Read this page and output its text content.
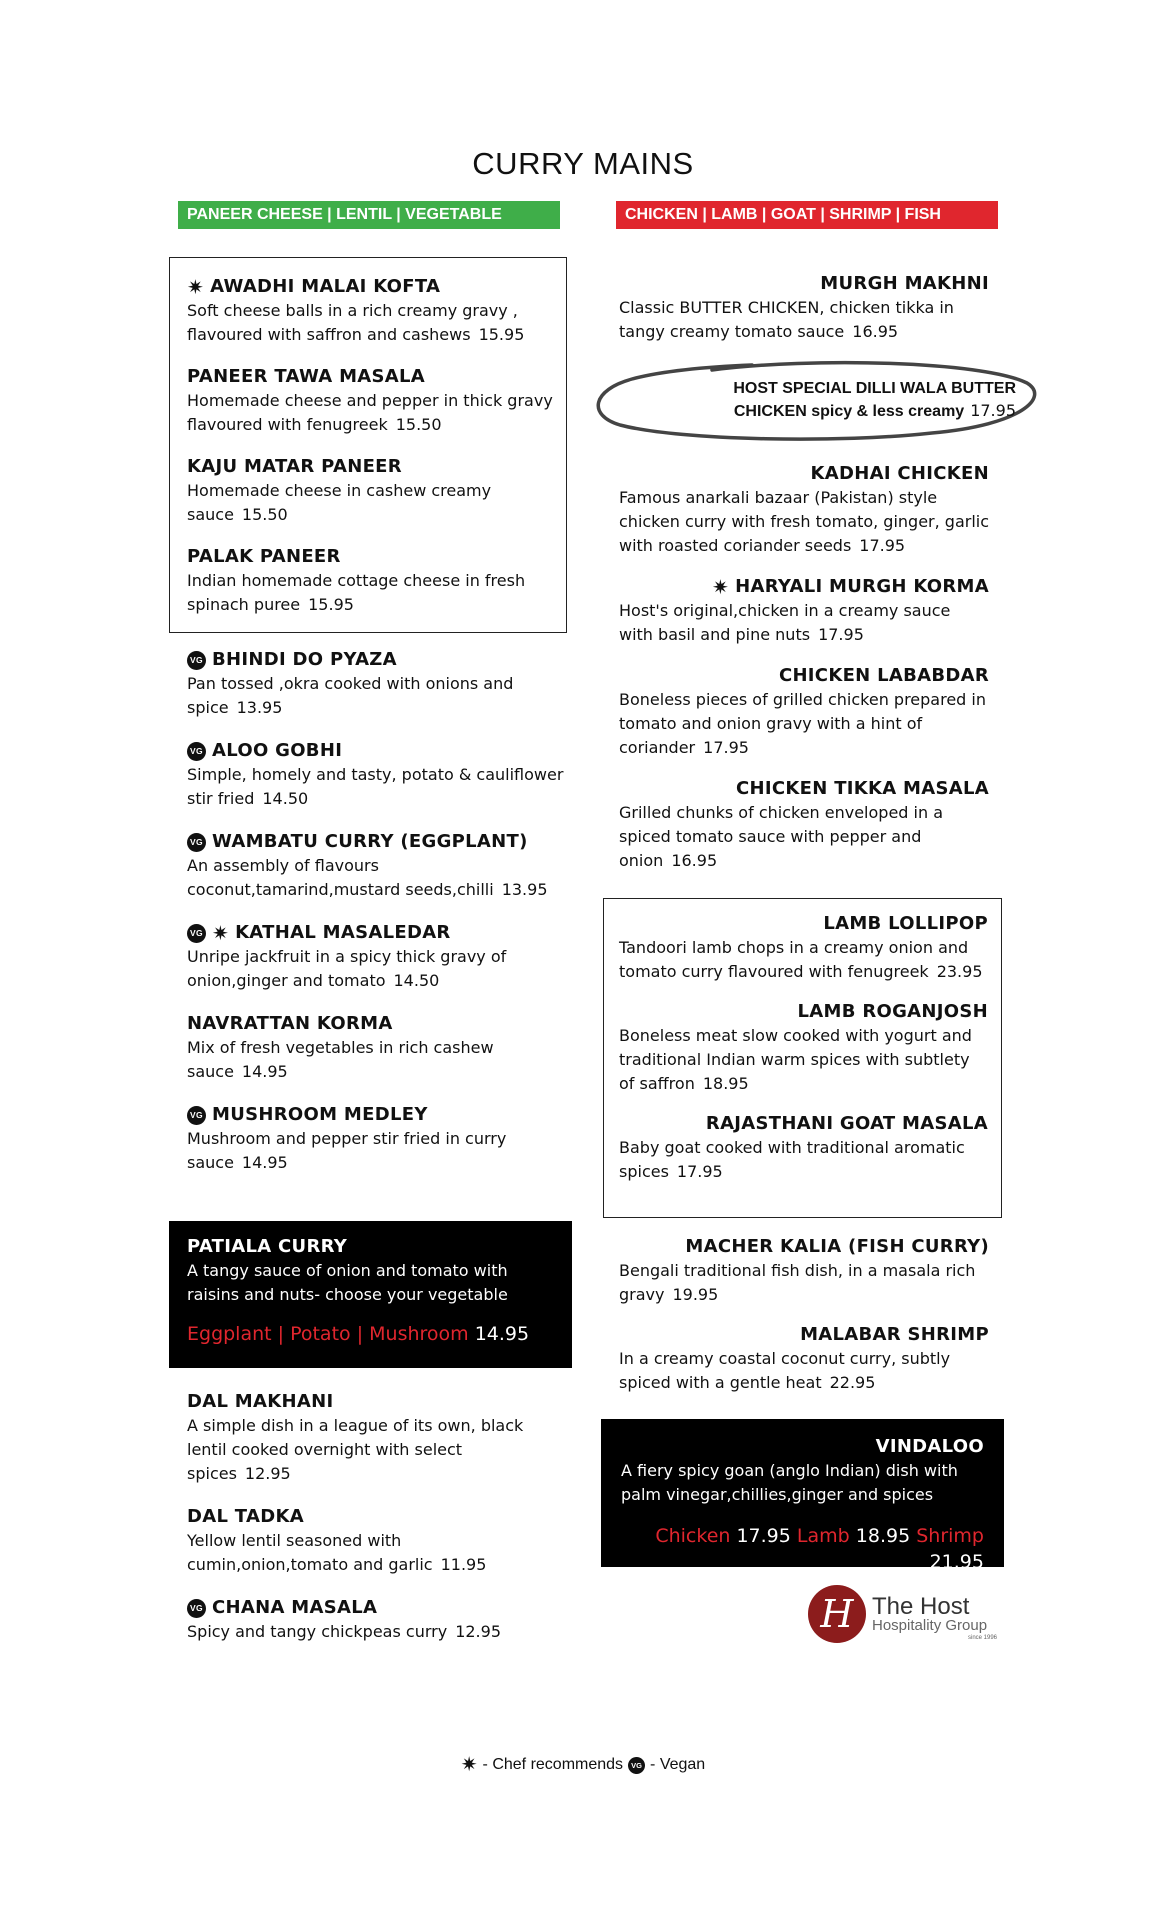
CURRY MAINS
PANEER CHEESE | LENTIL | VEGETABLE	CHICKEN | LAMB | GOAT | SHRIMP | FISH
✷ AWADHI MALAI KOFTA
Soft cheese balls in a rich creamy gravy , flavoured with saffron and cashews 15.95
PANEER TAWA MASALA
Homemade cheese and pepper in thick gravy flavoured with fenugreek 15.50
KAJU MATAR PANEER
Homemade cheese in cashew creamy sauce 15.50
PALAK PANEER
Indian homemade cottage cheese in fresh spinach puree 15.95
VG BHINDI DO PYAZA
Pan tossed ,okra cooked with onions and spice 13.95
VG ALOO GOBHI
Simple, homely and tasty, potato & cauliflower stir fried 14.50
VG WAMBATU CURRY (EGGPLANT)
An assembly of flavours coconut,tamarind,mustard seeds,chilli 13.95
VG ✷ KATHAL MASALEDAR
Unripe jackfruit in a spicy thick gravy of onion,ginger and tomato 14.50
NAVRATTAN KORMA
Mix of fresh vegetables in rich cashew sauce 14.95
VG MUSHROOM MEDLEY
Mushroom and pepper stir fried in curry sauce 14.95
PATIALA CURRY
A tangy sauce of onion and tomato with raisins and nuts- choose your vegetable
Eggplant | Potato | Mushroom 14.95
DAL MAKHANI
A simple dish in a league of its own, black lentil cooked overnight with select spices 12.95
DAL TADKA
Yellow lentil seasoned with cumin,onion,tomato and garlic 11.95
VG CHANA MASALA
Spicy and tangy chickpeas curry 12.95
MURGH MAKHNI
Classic BUTTER CHICKEN, chicken tikka in tangy creamy tomato sauce 16.95
HOST SPECIAL DILLI WALA BUTTER
CHICKEN spicy & less creamy 17.95
KADHAI CHICKEN
Famous anarkali bazaar (Pakistan) style chicken curry with fresh tomato, ginger, garlic with roasted coriander seeds 17.95
✷ HARYALI MURGH KORMA
Host's original,chicken in a creamy sauce with basil and pine nuts 17.95
CHICKEN LABABDAR
Boneless pieces of grilled chicken prepared in tomato and onion gravy with a hint of coriander 17.95
CHICKEN TIKKA MASALA
Grilled chunks of chicken enveloped in a spiced tomato sauce with pepper and onion 16.95
LAMB LOLLIPOP
Tandoori lamb chops in a creamy onion and tomato curry flavoured with fenugreek 23.95
LAMB ROGANJOSH
Boneless meat slow cooked with yogurt and traditional Indian warm spices with subtlety of saffron 18.95
RAJASTHANI GOAT MASALA
Baby goat cooked with traditional aromatic spices 17.95
MACHER KALIA (FISH CURRY)
Bengali traditional fish dish, in a masala rich gravy 19.95
MALABAR SHRIMP
In a creamy coastal coconut curry, subtly spiced with a gentle heat 22.95
VINDALOO
A fiery spicy goan (anglo Indian) dish with palm vinegar,chillies,ginger and spices
Chicken 17.95 Lamb 18.95 Shrimp 21.95
H The Host
Hospitality Group
since 1996
✷ - Chef recommends	VG - Vegan
